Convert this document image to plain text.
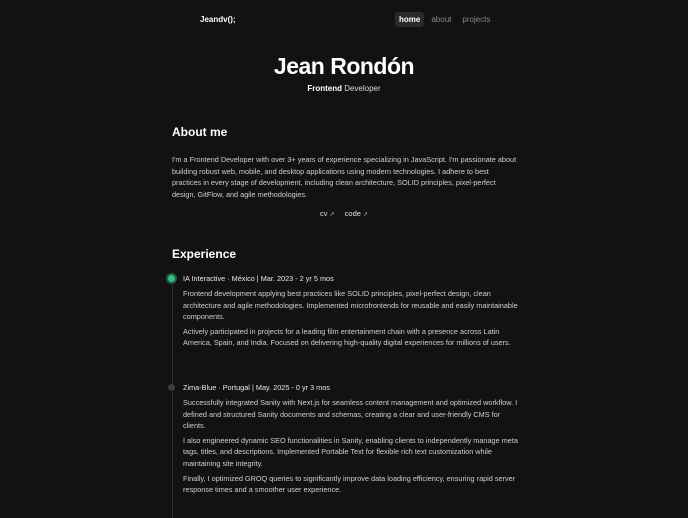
Jeandv();	home	about	projects
Jean Rondón
Frontend Developer
About me

I'm a Frontend Developer with over 3+ years of experience specializing in JavaScript. I'm passionate about building robust web, mobile, and desktop applications using modern technologies. I adhere to best practices in every stage of development, including clean architecture, SOLID principles, pixel-perfect design, GitFlow, and agile methodologies.

cv ↗ code ↗
Experience
IA Interactive · México | Mar. 2023 - 2 yr 5 mos

Frontend development applying best practices like SOLID principles, pixel-perfect design, clean architecture and agile methodologies. Implemented microfrontends for reusable and easily maintainable components.

Actively participated in projects for a leading film entertainment chain with a presence across Latin America, Spain, and India. Focused on delivering high-quality digital experiences for millions of users.

Zima-Blue · Portugal | May. 2025 - 0 yr 3 mos

Successfully integrated Sanity with Next.js for seamless content management and optimized workflow. I defined and structured Sanity documents and schemas, creating a clear and user-friendly CMS for clients.

I also engineered dynamic SEO functionalities in Sanity, enabling clients to independently manage meta tags, titles, and descriptions. Implemented Portable Text for flexible rich text customization while maintaining site integrity.

Finally, I optimized GROQ queries to significantly improve data loading efficiency, ensuring rapid server response times and a smoother user experience.
